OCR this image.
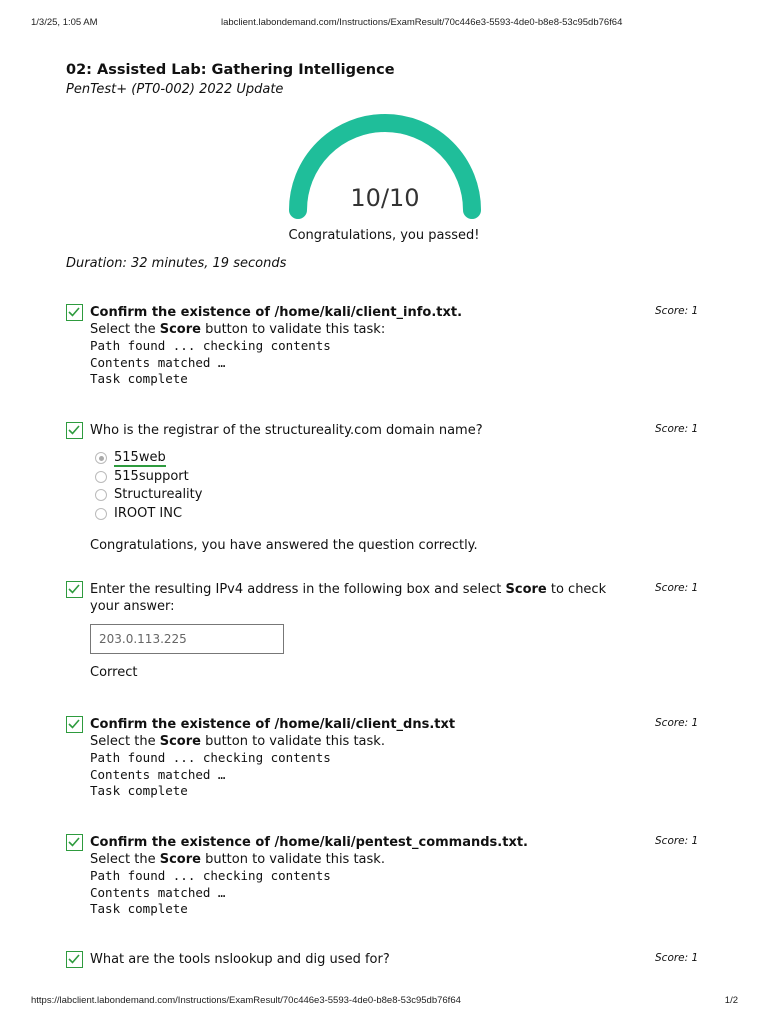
1/3/25, 1:05 AM	labclient.labondemand.com/Instructions/ExamResult/70c446e3-5593-4de0-b8e8-53c95db76f64
02: Assisted Lab: Gathering Intelligence
PenTest+ (PT0-002) 2022 Update
10/10
Congratulations, you passed!
Duration: 32 minutes, 19 seconds
Confirm the existence of /home/kali/client_info.txt.
Select the Score button to validate this task:
Path found ... checking contents
Contents matched …
Task complete
Score: 1
Who is the registrar of the structureality.com domain name?
515web
515support
Structureality
IROOT INC
Congratulations, you have answered the question correctly.
Score: 1
Enter the resulting IPv4 address in the following box and select Score to check your answer:
203.0.113.225
Correct
Score: 1
Confirm the existence of /home/kali/client_dns.txt
Select the Score button to validate this task.
Path found ... checking contents
Contents matched …
Task complete
Score: 1
Confirm the existence of /home/kali/pentest_commands.txt.
Select the Score button to validate this task.
Path found ... checking contents
Contents matched …
Task complete
Score: 1
What are the tools nslookup and dig used for?	Score: 1
https://labclient.labondemand.com/Instructions/ExamResult/70c446e3-5593-4de0-b8e8-53c95db76f64	1/2
